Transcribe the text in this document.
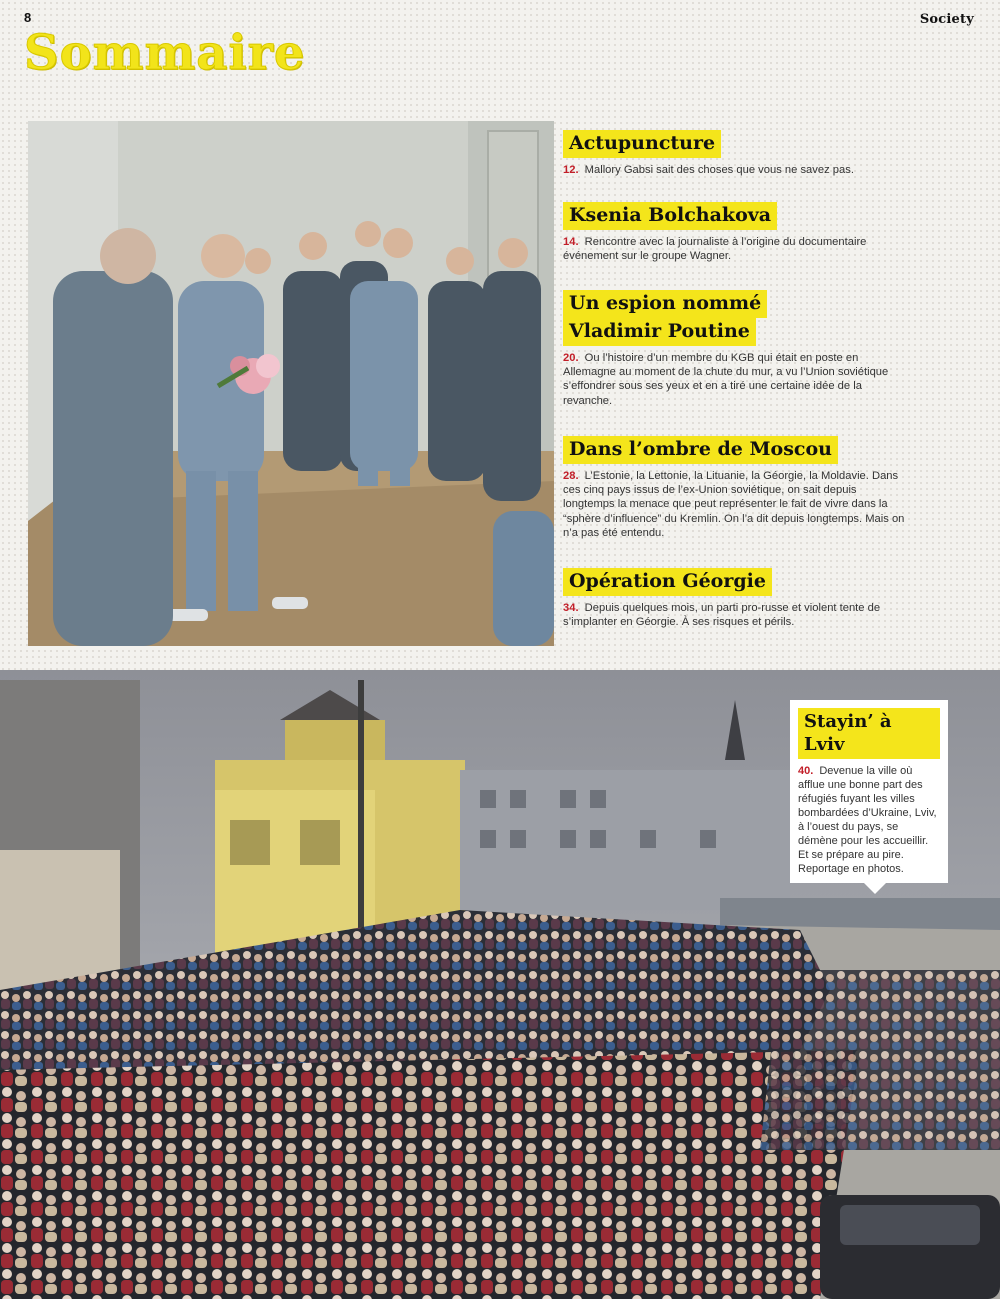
8	Society
Sommaire
Actupuncture

12. Mallory Gabsi sait des choses que vous ne savez pas.

Ksenia Bolchakova

14. Rencontre avec la journaliste à l’origine du documentaire événement sur le groupe Wagner.

Un espion nommé
Vladimir Poutine

20. Ou l’histoire d’un membre du KGB qui était en poste en Allemagne au moment de la chute du mur, a vu l’Union soviétique s’effondrer sous ses yeux et en a tiré une certaine idée de la revanche.

Dans l’ombre de Moscou

28. L’Estonie, la Lettonie, la Lituanie, la Géorgie, la Moldavie. Dans ces cinq pays issus de l’ex-Union soviétique, on sait depuis longtemps la menace que peut représenter le fait de vivre dans la “sphère d’influence” du Kremlin. On l’a dit depuis longtemps. Mais on n’a pas été entendu.

Opération Géorgie

34. Depuis quelques mois, un parti pro-russe et violent tente de s’implanter en Géorgie. À ses risques et périls.

Stayin’ à Lviv

40. Devenue la ville où afflue une bonne part des réfugiés fuyant les villes bombardées d’Ukraine, Lviv, à l’ouest du pays, se démène pour les accueillir. Et se prépare au pire. Reportage en photos.
